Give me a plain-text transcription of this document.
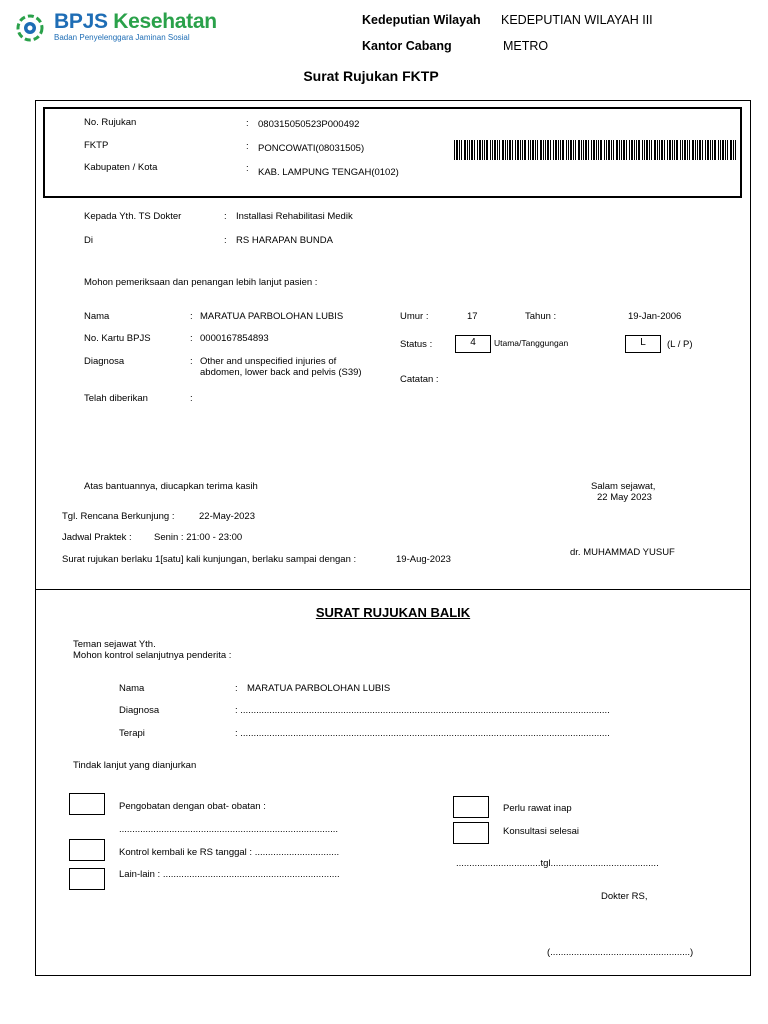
BPJS Kesehatan
Badan Penyelenggara Jaminan Sosial
Kedeputian Wilayah KEDEPUTIAN WILAYAH III
Kantor Cabang	METRO
Surat Rujukan FKTP
No. Rujukan	: 080315050523P000492
FKTP	: PONCOWATI(08031505)
Kabupaten / Kota	: KAB. LAMPUNG TENGAH(0102)
Kepada Yth. TS Dokter	: Installasi Rehabilitasi Medik
Di	: RS HARAPAN BUNDA
Mohon pemeriksaan dan penangan lebih lanjut pasien :
Nama	: MARATUA PARBOLOHAN LUBIS
No. Kartu BPJS	: 0000167854893
Diagnosa	: Other and unspecified injuries of
abdomen, lower back and pelvis (S39)
Telah diberikan	:
Umur :	17	Tahun :	19-Jan-2006
Status :	4	Utama/Tanggungan	L	(L / P)
Catatan :
Atas bantuannya, diucapkan terima kasih	Salam sejawat,
22 May 2023
Tgl. Rencana Berkunjung :	22-May-2023
Jadwal Praktek : Senin : 21:00 - 23:00
Surat rujukan berlaku 1[satu] kali kunjungan, berlaku sampai dengan :	19-Aug-2023
dr. MUHAMMAD YUSUF
SURAT RUJUKAN BALIK
Teman sejawat Yth.
Mohon kontrol selanjutnya penderita :
Nama	: MARATUA PARBOLOHAN LUBIS
Diagnosa	: ............................................................................................................................................
Terapi	: ............................................................................................................................................
Tindak lanjut yang dianjurkan
Pengobatan dengan obat- obatan :
...................................................................................
Kontrol kembali ke RS tanggal : ................................
Lain-lain : ...................................................................
Perlu rawat inap
Konsultasi selesai
................................tgl.........................................
Dokter RS,
(.....................................................)
